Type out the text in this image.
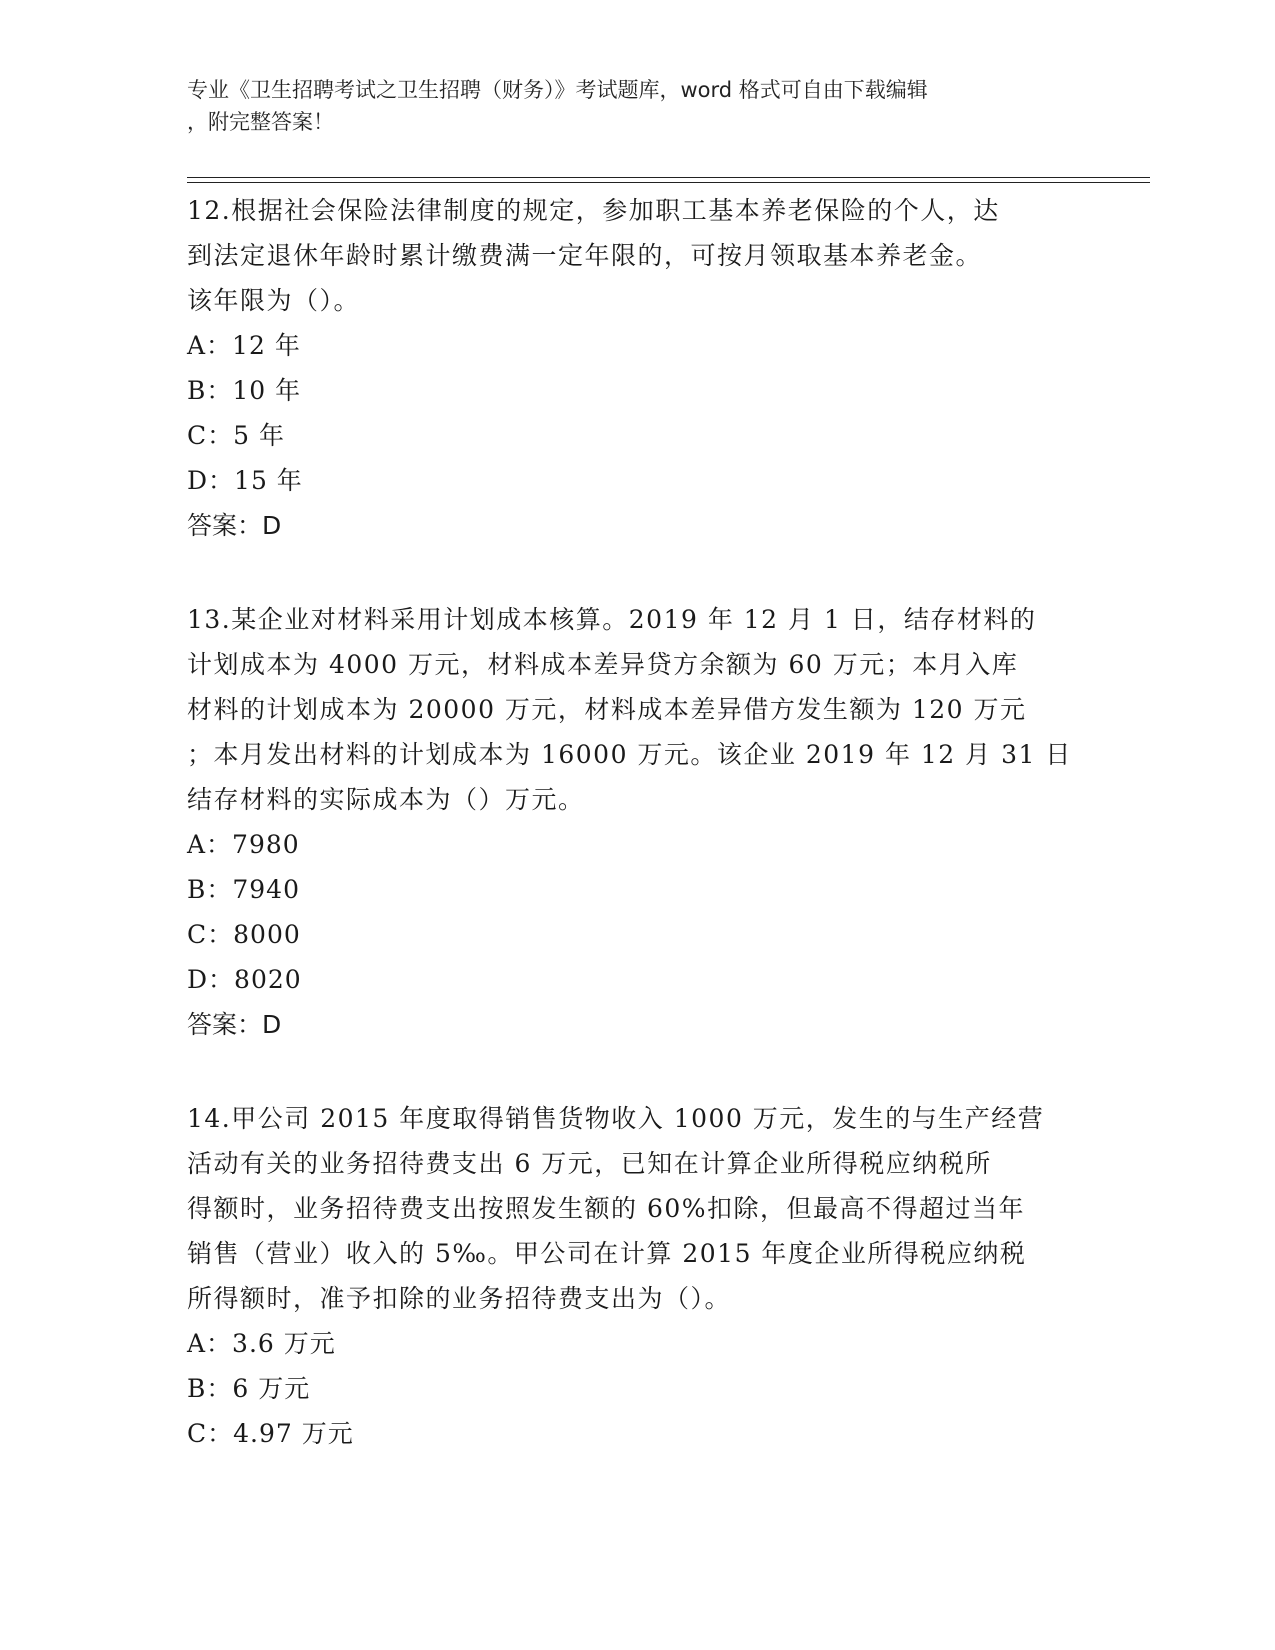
专业《卫生招聘考试之卫生招聘（财务）》考试题库，word 格式可自由下载编辑
，附完整答案！

12.根据社会保险法律制度的规定，参加职工基本养老保险的个人，达

到法定退休年龄时累计缴费满一定年限的，可按月领取基本养老金。

该年限为（）。

A：12 年

B：10 年

C：5 年

D：15 年

答案：D

13.某企业对材料采用计划成本核算。2019 年 12 月 1 日，结存材料的

计划成本为 4000 万元，材料成本差异贷方余额为 60 万元；本月入库

材料的计划成本为 20000 万元，材料成本差异借方发生额为 120 万元

；本月发出材料的计划成本为 16000 万元。该企业 2019 年 12 月 31 日

结存材料的实际成本为（）万元。

A：7980

B：7940

C：8000

D：8020

答案：D

14.甲公司 2015 年度取得销售货物收入 1000 万元，发生的与生产经营

活动有关的业务招待费支出 6 万元，已知在计算企业所得税应纳税所

得额时，业务招待费支出按照发生额的 60%扣除，但最高不得超过当年

销售（营业）收入的 5‰。甲公司在计算 2015 年度企业所得税应纳税

所得额时，准予扣除的业务招待费支出为（）。

A：3.6 万元

B：6 万元

C：4.97 万元
